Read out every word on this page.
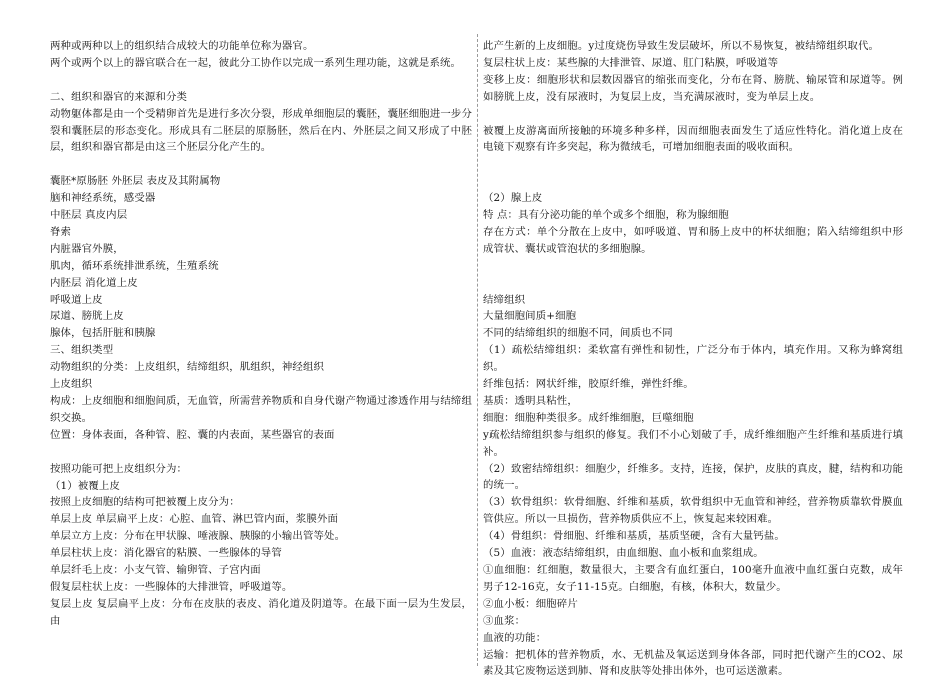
两种或两种以上的组织结合成较大的功能单位称为器官。

两个或两个以上的器官联合在一起，彼此分工协作以完成一系列生理功能，这就是系统。

二、组织和器官的来源和分类

动物躯体都是由一个受精卵首先是进行多次分裂，形成单细胞层的囊胚，囊胚细胞进一步分裂和囊胚层的形态变化。形成具有二胚层的原肠胚，然后在内、外胚层之间又形成了中胚层，组织和器官都是由这三个胚层分化产生的。

囊胚*原肠胚 外胚层 表皮及其附属物

脑和神经系统，感受器

中胚层 真皮内层

脊索

内脏器官外膜，

肌肉，循环系统排泄系统，生殖系统

内胚层 消化道上皮

呼吸道上皮

尿道、膀胱上皮

腺体，包括肝脏和胰腺

三、组织类型

动物组织的分类：上皮组织，结缔组织，肌组织，神经组织

上皮组织

构成：上皮细胞和细胞间质，无血管，所需营养物质和自身代谢产物通过渗透作用与结缔组织交换。

位置：身体表面，各种管、腔、囊的内表面，某些器官的表面

按照功能可把上皮组织分为：

（1）被覆上皮

按照上皮细胞的结构可把被覆上皮分为：

单层上皮 单层扁平上皮：心腔、血管、淋巴管内面，浆膜外面

单层立方上皮：分布在甲状腺、唾液腺、胰腺的小输出管等处。

单层柱状上皮：消化器官的粘膜、一些腺体的导管

单层纤毛上皮：小支气管、输卵管、子宫内面

假复层柱状上皮：一些腺体的大排泄管，呼吸道等。

复层上皮 复层扁平上皮：分布在皮肤的表皮、消化道及阴道等。在最下面一层为生发层，由

此产生新的上皮细胞。y过度烧伤导致生发层破坏，所以不易恢复，被结缔组织取代。

复层柱状上皮：某些腺的大排泄管、尿道、肛门粘膜，呼吸道等

变移上皮：细胞形状和层数因器官的缩张而变化，分布在肾、膀胱、输尿管和尿道等。例如膀胱上皮，没有尿液时，为复层上皮，当充满尿液时，变为单层上皮。

被覆上皮游离面所接触的环境多种多样，因而细胞表面发生了适应性特化。消化道上皮在电镜下观察有许多突起，称为微绒毛，可增加细胞表面的吸收面积。

（2）腺上皮

特 点：具有分泌功能的单个或多个细胞，称为腺细胞

存在方式：单个分散在上皮中，如呼吸道、胃和肠上皮中的杯状细胞；陷入结缔组织中形成管状、囊状或管泡状的多细胞腺。

结缔组织

大量细胞间质+细胞

不同的结缔组织的细胞不同，间质也不同

（1）疏松结缔组织：柔软富有弹性和韧性，广泛分布于体内，填充作用。又称为蜂窝组织。

纤维包括：网状纤维，胶原纤维，弹性纤维。

基质：透明具粘性，

细胞：细胞种类很多。成纤维细胞，巨噬细胞

y疏松结缔组织参与组织的修复。我们不小心划破了手，成纤维细胞产生纤维和基质进行填补。

（2）致密结缔组织：细胞少，纤维多。支持，连接，保护，皮肤的真皮，腱，结构和功能的统一。

（3）软骨组织：软骨细胞、纤维和基质，软骨组织中无血管和神经，营养物质靠软骨膜血管供应。所以一旦损伤，营养物质供应不上，恢复起来较困难。

（4）骨组织：骨细胞、纤维和基质，基质坚硬，含有大量钙盐。

（5）血液：液态结缔组织，由血细胞、血小板和血浆组成。

①血细胞：红细胞，数量很大，主要含有血红蛋白，100毫升血液中血红蛋白克数，成年男子12-16克，女子11-15克。白细胞，有核，体积大，数量少。

②血小板：细胞碎片

③血浆：

血液的功能：

运输：把机体的营养物质，水、无机盐及氧运送到身体各部，同时把代谢产生的CO2、尿素及其它废物运送到肺、肾和皮肤等处排出体外，也可运送激素。
